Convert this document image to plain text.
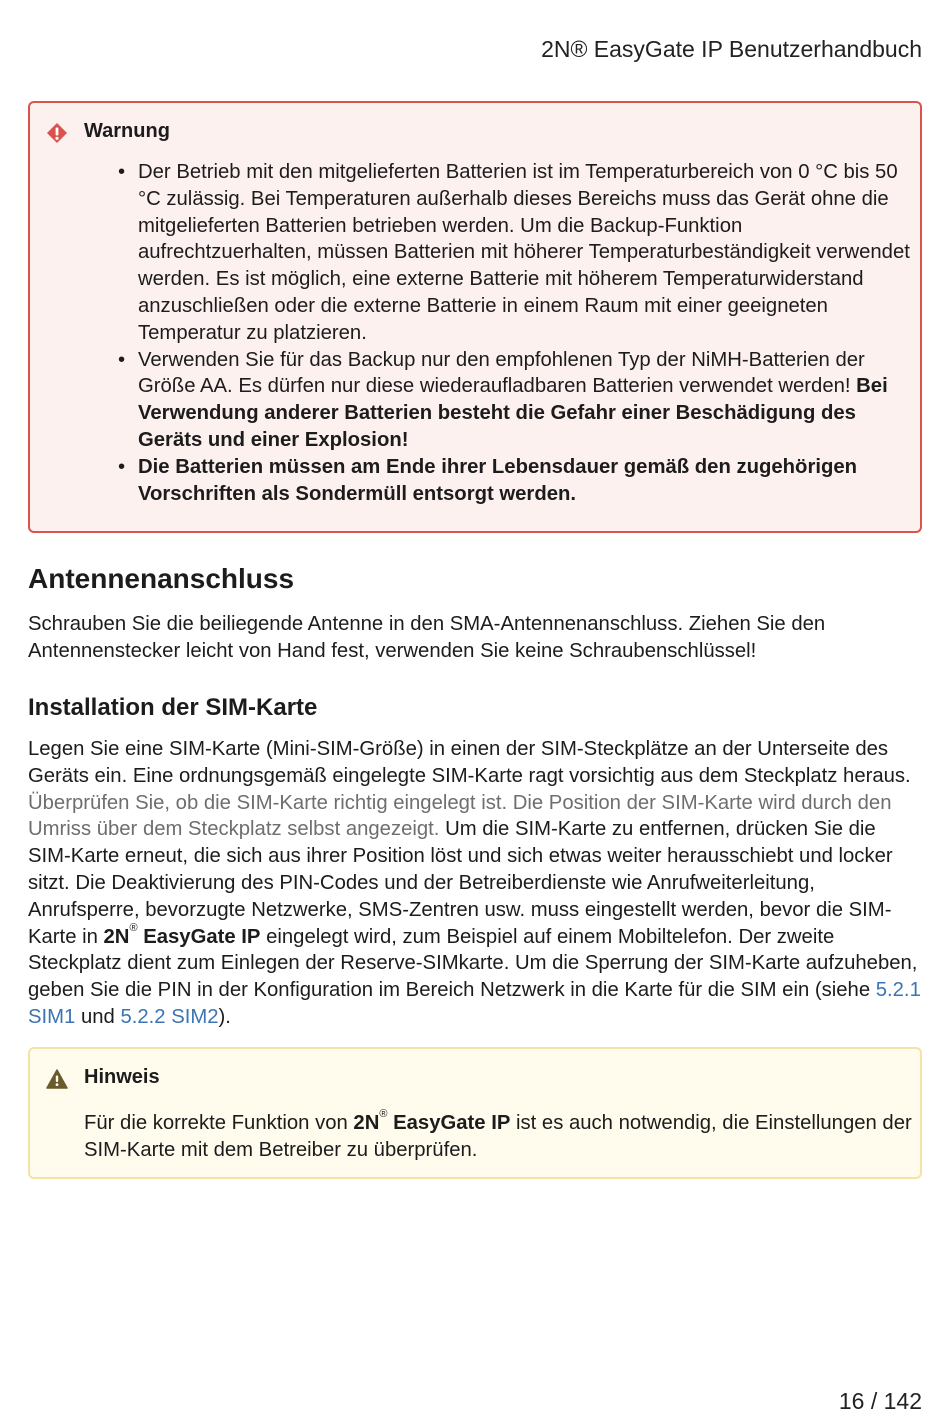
2N® EasyGate IP Benutzerhandbuch
Warnung
• Der Betrieb mit den mitgelieferten Batterien ist im Temperaturbereich von 0 °C bis 50 °C zulässig. Bei Temperaturen außerhalb dieses Bereichs muss das Gerät ohne die mitgelieferten Batterien betrieben werden. Um die Backup-Funktion aufrechtzuerhalten, müssen Batterien mit höherer Temperaturbeständigkeit verwendet werden. Es ist möglich, eine externe Batterie mit höherem Temperaturwiderstand anzuschließen oder die externe Batterie in einem Raum mit einer geeigneten Temperatur zu platzieren.
• Verwenden Sie für das Backup nur den empfohlenen Typ der NiMH-Batterien der Größe AA. Es dürfen nur diese wiederaufladbaren Batterien verwendet werden! Bei Verwendung anderer Batterien besteht die Gefahr einer Beschädigung des Geräts und einer Explosion!
• Die Batterien müssen am Ende ihrer Lebensdauer gemäß den zugehörigen Vorschriften als Sondermüll entsorgt werden.
Antennenanschluss

Schrauben Sie die beiliegende Antenne in den SMA-Antennenanschluss. Ziehen Sie den Antennenstecker leicht von Hand fest, verwenden Sie keine Schraubenschlüssel!

Installation der SIM-Karte

Legen Sie eine SIM-Karte (Mini-SIM-Größe) in einen der SIM-Steckplätze an der Unterseite des Geräts ein. Eine ordnungsgemäß eingelegte SIM-Karte ragt vorsichtig aus dem Steckplatz heraus. Überprüfen Sie, ob die SIM-Karte richtig eingelegt ist. Die Position der SIM-Karte wird durch den Umriss über dem Steckplatz selbst angezeigt. Um die SIM-Karte zu entfernen, drücken Sie die SIM-Karte erneut, die sich aus ihrer Position löst und sich etwas weiter herausschiebt und locker sitzt. Die Deaktivierung des PIN-Codes und der Betreiberdienste wie Anrufweiterleitung, Anrufsperre, bevorzugte Netzwerke, SMS-Zentren usw. muss eingestellt werden, bevor die SIM-Karte in 2N® EasyGate IP eingelegt wird, zum Beispiel auf einem Mobiltelefon. Der zweite Steckplatz dient zum Einlegen der Reserve-SIMkarte. Um die Sperrung der SIM-Karte aufzuheben, geben Sie die PIN in der Konfiguration im Bereich Netzwerk in die Karte für die SIM ein (siehe 5.2.1 SIM1 und 5.2.2 SIM2).

Hinweis

Für die korrekte Funktion von 2N® EasyGate IP ist es auch notwendig, die Einstellungen der SIM-Karte mit dem Betreiber zu überprüfen.

16 / 142
